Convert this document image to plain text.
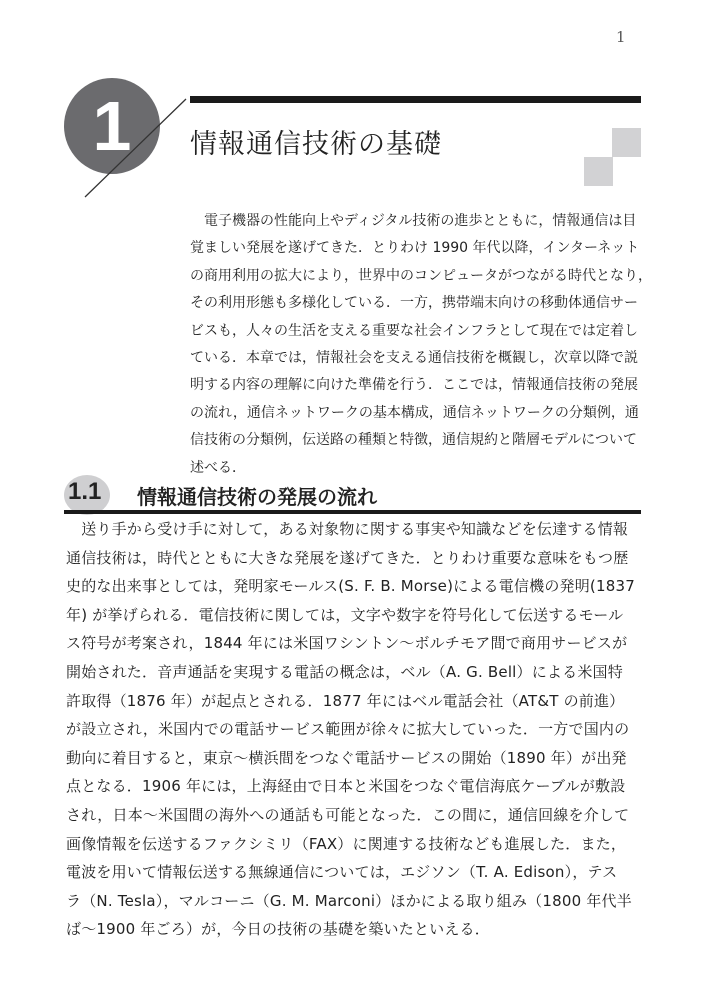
1
1	情報通信技術の基礎
　電子機器の性能向上やディジタル技術の進歩とともに，情報通信は目
覚ましい発展を遂げてきた．とりわけ 1990 年代以降，インターネット
の商用利用の拡大により，世界中のコンピュータがつながる時代となり，
その利用形態も多様化している．一方，携帯端末向けの移動体通信サー
ビスも，人々の生活を支える重要な社会インフラとして現在では定着し
ている．本章では，情報社会を支える通信技術を概観し，次章以降で説
明する内容の理解に向けた準備を行う．ここでは，情報通信技術の発展
の流れ，通信ネットワークの基本構成，通信ネットワークの分類例，通
信技術の分類例，伝送路の種類と特徴，通信規約と階層モデルについて
述べる．
1.1 情報通信技術の発展の流れ
　送り手から受け手に対して，ある対象物に関する事実や知識などを伝達する情報
通信技術は，時代とともに大きな発展を遂げてきた．とりわけ重要な意味をもつ歴
史的な出来事としては，発明家モールス(S. F. B. Morse)による電信機の発明(1837
年) が挙げられる．電信技術に関しては，文字や数字を符号化して伝送するモール
ス符号が考案され，1844 年には米国ワシントン～ボルチモア間で商用サービスが
開始された．音声通話を実現する電話の概念は，ベル（A. G. Bell）による米国特
許取得（1876 年）が起点とされる．1877 年にはベル電話会社（AT&T の前進）
が設立され，米国内での電話サービス範囲が徐々に拡大していった．一方で国内の
動向に着目すると，東京～横浜間をつなぐ電話サービスの開始（1890 年）が出発
点となる．1906 年には，上海経由で日本と米国をつなぐ電信海底ケーブルが敷設
され，日本～米国間の海外への通話も可能となった．この間に，通信回線を介して
画像情報を伝送するファクシミリ（FAX）に関連する技術なども進展した．また，
電波を用いて情報伝送する無線通信については，エジソン（T. A. Edison），テス
ラ（N. Tesla），マルコーニ（G. M. Marconi）ほかによる取り組み（1800 年代半
ば～1900 年ごろ）が，今日の技術の基礎を築いたといえる．
